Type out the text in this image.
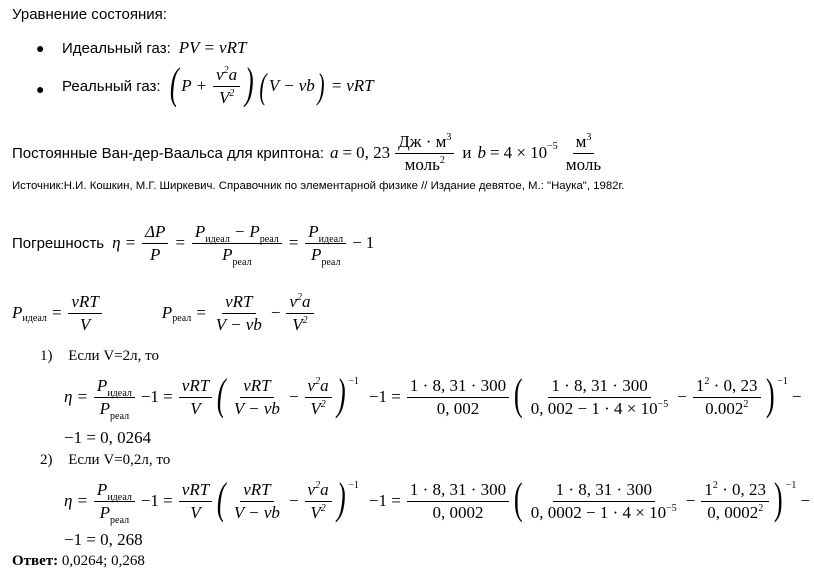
Уравнение состояния:
● Идеальный газ: PV = νRT
● Реальный газ: ( $P + \frac{\nu^2a}{V^2}$ ) ( V − νb ) = νRT
Постоянные Ван-дер-Ваальса для криптона: a = 0, $23 \frac{Дж \cdot м^3}{моль^2}$ и $b = 4 \times 10 -5 \frac{м^3}{\text{моль}}$
Источник:Н.И. Кошкин, М.Г. Ширкевич. Справочник по элементарной физике // Издание девятое, М.: "Наука", 1982г.
Погрешность $\eta = \frac{\Delta P}{P} = \frac{P_{идеал} - P_{реал}}{P_{реал}} = \frac{P_{идеал}}{P_{реал}} - 1$
P идеал = $\frac{\text{νRT}}{V}$	P реал = $\frac{\text{νRT}}{V - \nu b} - \frac{\nu^2a}{V^2}$
1) Если V=2л, то
$\eta = \frac{P_{идеал}}{P_{реал}} -1 = \frac{\text{νRT}}{V}$ ( $\frac{\text{νRT}}{V - \nu b} - \frac{\nu^2a}{V^2}$ ) −1
$-1 = \frac{1 \cdot 8, 31 \cdot 300}{0, 002}$ ( $\frac{1 \cdot 8, 31 \cdot 300}{0, 002 - 1 \cdot 4 \times 10^{-5}} - \frac{1^2 \cdot 0, 23}{0.002^2}$ ) −1
−
−1 = 0, 0264
2) Если V=0,2л, то
$\eta = \frac{P_{идеал}}{P_{реал}} -1 = \frac{\text{νRT}}{V}$ ( $\frac{\text{νRT}}{V - \nu b} - \frac{\nu^2a}{V^2}$ ) −1
$-1 = \frac{1 \cdot 8, 31 \cdot 300}{0, 0002}$ ( $\frac{1 \cdot 8, 31 \cdot 300}{0, 0002 - 1 \cdot 4 \times 10^{-5}} - \frac{1^2 \cdot 0, 23}{0, 0002^2}$ ) −1
−
−1 = 0, 268
Ответ: 0,0264; 0,268
